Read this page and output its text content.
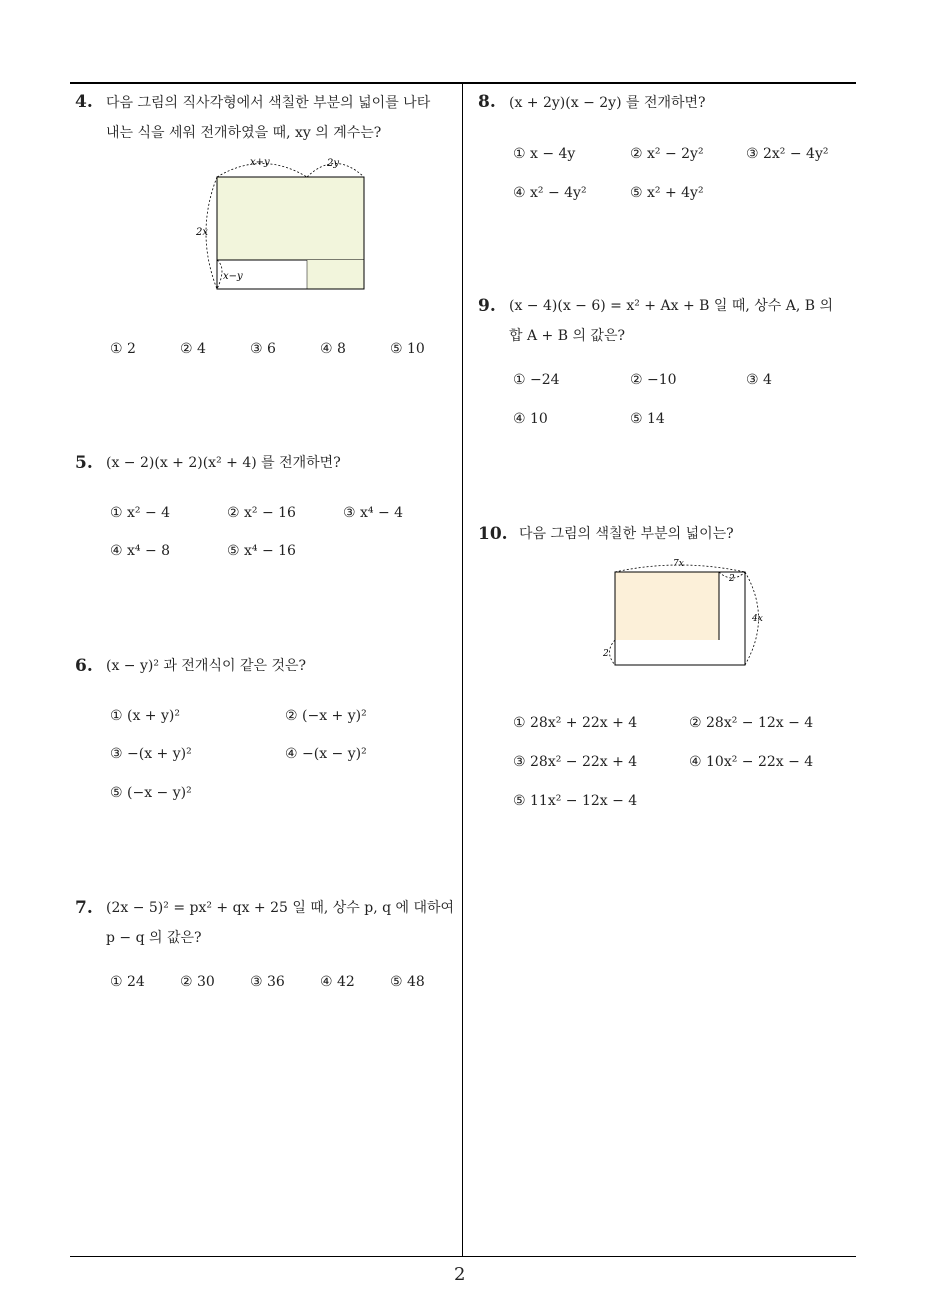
2
4. 다음 그림의 직사각형에서 색칠한 부분의 넓이를 나타
내는 식을 세워 전개하였을 때, xy 의 계수는?
x+y	2y
2x
x−y
① 2	② 4	③ 6	④ 8	⑤ 10
5. (x − 2)(x + 2)(x² + 4) 를 전개하면?
① x² − 4	② x² − 16	③ x⁴ − 4
④ x⁴ − 8	⑤ x⁴ − 16
6. (x − y)² 과 전개식이 같은 것은?
① (x + y)²	② (−x + y)²
③ −(x + y)²	④ −(x − y)²
⑤ (−x − y)²
7. (2x − 5)² = px² + qx + 25 일 때, 상수 p, q 에 대하여
p − q 의 값은?
① 24	② 30	③ 36	④ 42	⑤ 48
8. (x + 2y)(x − 2y) 를 전개하면?
① x − 4y	② x² − 2y²	③ 2x² − 4y²
④ x² − 4y²	⑤ x² + 4y²
9. (x − 4)(x − 6) = x² + Ax + B 일 때, 상수 A, B 의
합 A + B 의 값은?
① −24	② −10	③ 4
④ 10	⑤ 14
10. 다음 그림의 색칠한 부분의 넓이는?
7x
2
4x
2
① 28x² + 22x + 4	② 28x² − 12x − 4
③ 28x² − 22x + 4	④ 10x² − 22x − 4
⑤ 11x² − 12x − 4
